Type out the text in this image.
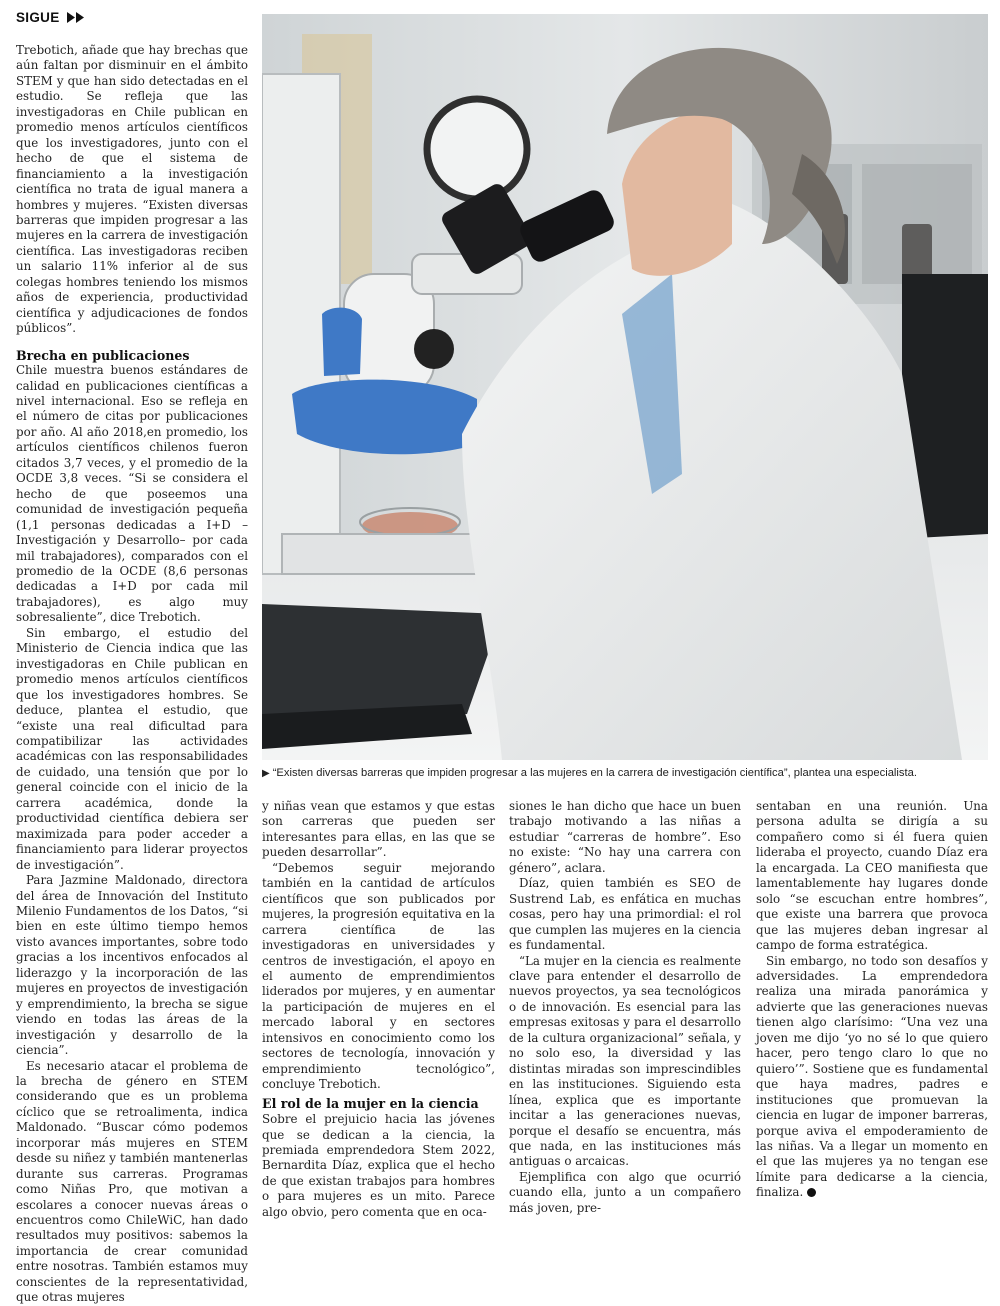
SIGUE

Trebotich, añade que hay brechas que aún faltan por disminuir en el ámbito STEM y que han sido detectadas en el estudio. Se refleja que las investigadoras en Chile publican en promedio menos artículos científicos que los investigadores, junto con el hecho de que el sistema de financiamiento a la investigación científica no trata de igual manera a hombres y mujeres. “Existen diversas barreras que impiden progresar a las mujeres en la carrera de investigación científica. Las investigadoras reciben un salario 11% inferior al de sus colegas hombres teniendo los mismos años de experiencia, productividad científica y adjudicaciones de fondos públicos”.

Brecha en publicaciones

Chile muestra buenos estándares de calidad en publicaciones científicas a nivel internacional. Eso se refleja en el número de citas por publicaciones por año. Al año 2018,en promedio, los artículos científicos chilenos fueron citados 3,7 veces, y el promedio de la OCDE 3,8 veces. “Si se considera el hecho de que poseemos una comunidad de investigación pequeña (1,1 personas dedicadas a I+D –Investigación y Desarrollo– por cada mil trabajadores), comparados con el promedio de la OCDE (8,6 personas dedicadas a I+D por cada mil trabajadores), es algo muy sobresaliente”, dice Trebotich.

Sin embargo, el estudio del Ministerio de Ciencia indica que las investigadoras en Chile publican en promedio menos artículos científicos que los investigadores hombres. Se deduce, plantea el estudio, que “existe una real dificultad para compatibilizar las actividades académicas con las responsabilidades de cuidado, una tensión que por lo general coincide con el inicio de la carrera académica, donde la productividad científica debiera ser maximizada para poder acceder a financiamiento para liderar proyectos de investigación”.

Para Jazmine Maldonado, directora del área de Innovación del Instituto Milenio Fundamentos de los Datos, “si bien en este último tiempo hemos visto avances importantes, sobre todo gracias a los incentivos enfocados al liderazgo y la incorporación de las mujeres en proyectos de investigación y emprendimiento, la brecha se sigue viendo en todas las áreas de la investigación y desarrollo de la ciencia”.

Es necesario atacar el problema de la brecha de género en STEM considerando que es un problema cíclico que se retroalimenta, indica Maldonado. “Buscar cómo podemos incorporar más mujeres en STEM desde su niñez y también mantenerlas durante sus carreras. Programas como Niñas Pro, que motivan a escolares a conocer nuevas áreas o encuentros como ChileWiC, han dado resultados muy positivos: sabemos la importancia de crear comunidad entre nosotras. También estamos muy conscientes de la representatividad, que otras mujeres

▶ “Existen diversas barreras que impiden progresar a las mujeres en la carrera de investigación científica”, plantea una especialista.

y niñas vean que estamos y que estas son carreras que pueden ser interesantes para ellas, en las que se pueden desarrollar”.

“Debemos seguir mejorando también en la cantidad de artículos científicos que son publicados por mujeres, la progresión equitativa en la carrera científica de las investigadoras en universidades y centros de investigación, el apoyo en el aumento de emprendimientos liderados por mujeres, y en aumentar la participación de mujeres en el mercado laboral y en sectores intensivos en conocimiento como los sectores de tecnología, innovación y emprendimiento tecnológico”, concluye Trebotich.

El rol de la mujer en la ciencia

Sobre el prejuicio hacia las jóvenes que se dedican a la ciencia, la premiada emprendedora Stem 2022, Bernardita Díaz, explica que el hecho de que existan trabajos para hombres o para mujeres es un mito. Parece algo obvio, pero comenta que en oca-

siones le han dicho que hace un buen trabajo motivando a las niñas a estudiar “carreras de hombre”. Eso no existe: “No hay una carrera con género”, aclara.

Díaz, quien también es SEO de Sustrend Lab, es enfática en muchas cosas, pero hay una primordial: el rol que cumplen las mujeres en la ciencia es fundamental.

“La mujer en la ciencia es realmente clave para entender el desarrollo de nuevos proyectos, ya sea tecnológicos o de innovación. Es esencial para las empresas exitosas y para el desarrollo de la cultura organizacional” señala, y no solo eso, la diversidad y las distintas miradas son imprescindibles en las instituciones. Siguiendo esta línea, explica que es importante incitar a las generaciones nuevas, porque el desafío se encuentra, más que nada, en las instituciones más antiguas o arcaicas.

Ejemplifica con algo que ocurrió cuando ella, junto a un compañero más joven, pre-

sentaban en una reunión. Una persona adulta se dirigía a su compañero como si él fuera quien lideraba el proyecto, cuando Díaz era la encargada. La CEO manifiesta que lamentablemente hay lugares donde solo “se escuchan entre hombres”, que existe una barrera que provoca que las mujeres deban ingresar al campo de forma estratégica.

Sin embargo, no todo son desafíos y adversidades. La emprendedora realiza una mirada panorámica y advierte que las generaciones nuevas tienen algo clarísimo: “Una vez una joven me dijo ‘yo no sé lo que quiero hacer, pero tengo claro lo que no quiero’”. Sostiene que es fundamental que haya madres, padres e instituciones que promuevan la ciencia en lugar de imponer barreras, porque aviva el empoderamiento de las niñas. Va a llegar un momento en el que las mujeres ya no tengan ese límite para dedicarse a la ciencia, finaliza.
